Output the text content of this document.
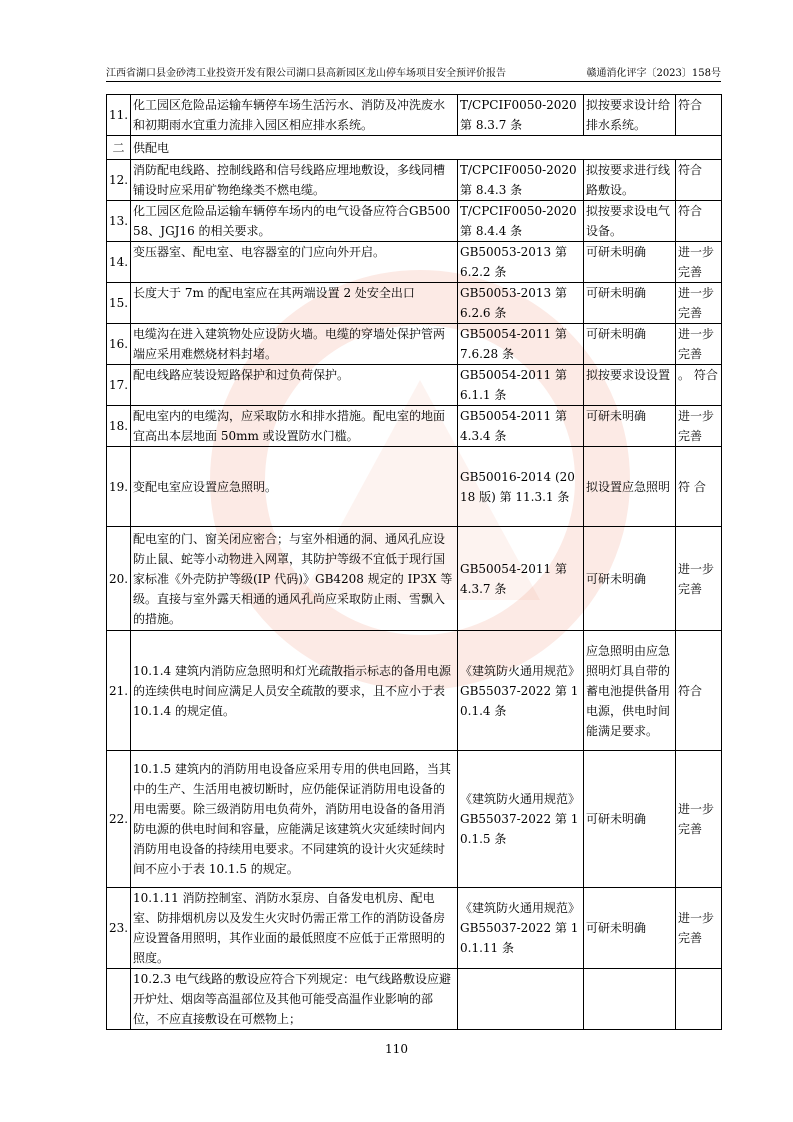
江西省湖口县金砂湾工业投资开发有限公司湖口县高新园区龙山停车场项目安全预评价报告	赣通消化评字〔2023〕158号
11.	化工园区危险品运输车辆停车场生活污水、消防及冲洗废水和初期雨水宜重力流排入园区相应排水系统。	T/CPCIF0050-2020 第 8.3.7 条	拟按要求设计给排水系统。	符合
二	供配电			
12.	消防配电线路、控制线路和信号线路应埋地敷设，多线同槽铺设时应采用矿物绝缘类不燃电缆。	T/CPCIF0050-2020 第 8.4.3 条	拟按要求进行线路敷设。	符合
13.	化工园区危险品运输车辆停车场内的电气设备应符合GB50058、JGJ16 的相关要求。	T/CPCIF0050-2020 第 8.4.4 条	拟按要求设电气设备。	符合
14.	变压器室、配电室、电容器室的门应向外开启。	GB50053-2013 第 6.2.2 条	可研未明确	进一步完善
15.	长度大于 7m 的配电室应在其两端设置 2 处安全出口	GB50053-2013 第 6.2.6 条	可研未明确	进一步完善
16.	电缆沟在进入建筑物处应设防火墙。电缆的穿墙处保护管两端应采用难燃烧材料封堵。	GB50054-2011 第 7.6.28 条	可研未明确	进一步完善
17.	配电线路应装设短路保护和过负荷保护。	GB50054-2011 第 6.1.1 条	拟按要求设设置	。 符合
18.	配电室内的电缆沟，应采取防水和排水措施。配电室的地面宜高出本层地面 50mm 或设置防水门槛。	GB50054-2011 第 4.3.4 条	可研未明确	进一步完善
19.	变配电室应设置应急照明。	GB50016-2014 (2018 版) 第 11.3.1 条	拟设置应急照明	符 合
20.	配电室的门、窗关闭应密合；与室外相通的洞、通风孔应设防止鼠、蛇等小动物进入网罩，其防护等级不宜低于现行国家标准《外壳防护等级(IP 代码)》GB4208 规定的 IP3X 等级。直接与室外露天相通的通风孔尚应采取防止雨、雪飘入的措施。	GB50054-2011 第 4.3.7 条	可研未明确	进一步完善
21.	10.1.4 建筑内消防应急照明和灯光疏散指示标志的备用电源的连续供电时间应满足人员安全疏散的要求，且不应小于表 10.1.4 的规定值。	《建筑防火通用规范》GB55037-2022 第 10.1.4 条	应急照明由应急照明灯具自带的蓄电池提供备用电源，供电时间能满足要求。	符合
22.	10.1.5 建筑内的消防用电设备应采用专用的供电回路，当其中的生产、生活用电被切断时，应仍能保证消防用电设备的用电需要。除三级消防用电负荷外，消防用电设备的备用消防电源的供电时间和容量，应能满足该建筑火灾延续时间内消防用电设备的持续用电要求。不同建筑的设计火灾延续时间不应小于表 10.1.5 的规定。	《建筑防火通用规范》GB55037-2022 第 10.1.5 条	可研未明确	进一步完善
23.	10.1.11 消防控制室、消防水泵房、自备发电机房、配电室、防排烟机房以及发生火灾时仍需正常工作的消防设备房应设置备用照明，其作业面的最低照度不应低于正常照明的照度。	《建筑防火通用规范》GB55037-2022 第 10.1.11 条	可研未明确	进一步完善
	10.2.3 电气线路的敷设应符合下列规定：电气线路敷设应避开炉灶、烟囱等高温部位及其他可能受高温作业影响的部位，不应直接敷设在可燃物上；			
110
